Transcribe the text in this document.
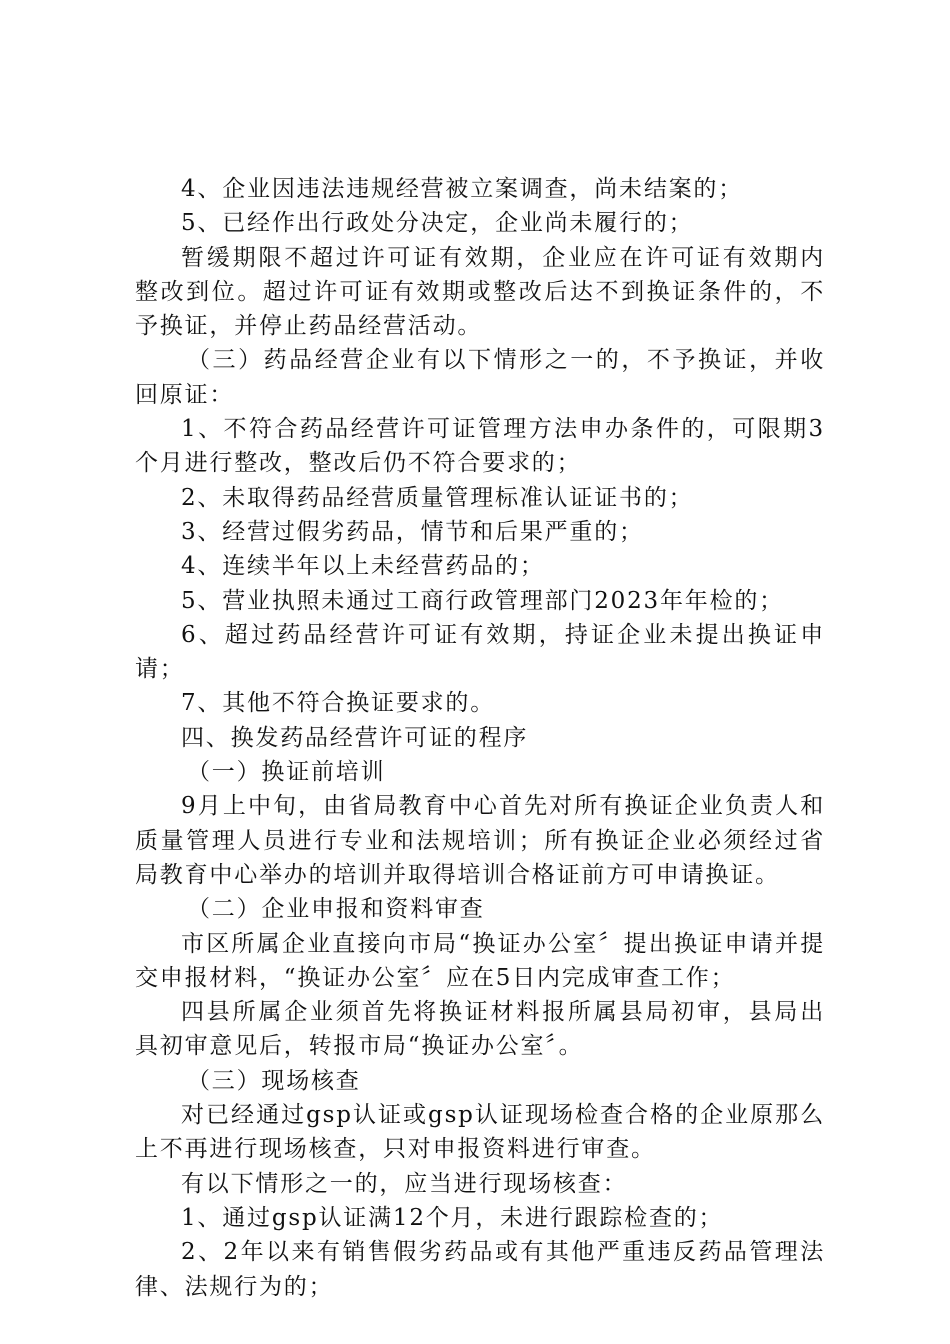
4、企业因违法违规经营被立案调查，尚未结案的；

5、已经作出行政处分决定，企业尚未履行的；

暂缓期限不超过许可证有效期，企业应在许可证有效期内整改到位。超过许可证有效期或整改后达不到换证条件的，不予换证，并停止药品经营活动。

（三）药品经营企业有以下情形之一的，不予换证，并收回原证：

1、不符合药品经营许可证管理方法申办条件的，可限期3个月进行整改，整改后仍不符合要求的；

2、未取得药品经营质量管理标准认证证书的；

3、经营过假劣药品，情节和后果严重的；

4、连续半年以上未经营药品的；

5、营业执照未通过工商行政管理部门2023年年检的；

6、超过药品经营许可证有效期，持证企业未提出换证申请；

7、其他不符合换证要求的。

四、换发药品经营许可证的程序

（一）换证前培训

9月上中旬，由省局教育中心首先对所有换证企业负责人和质量管理人员进行专业和法规培训；所有换证企业必须经过省局教育中心举办的培训并取得培训合格证前方可申请换证。

（二）企业申报和资料审查

市区所属企业直接向市局“换证办公室〞提出换证申请并提交申报材料，“换证办公室〞应在5日内完成审查工作；

四县所属企业须首先将换证材料报所属县局初审，县局出具初审意见后，转报市局“换证办公室〞。

（三）现场核查

对已经通过gsp认证或gsp认证现场检查合格的企业原那么上不再进行现场核查，只对申报资料进行审查。

有以下情形之一的，应当进行现场核查：

1、通过gsp认证满12个月，未进行跟踪检查的；

2、2年以来有销售假劣药品或有其他严重违反药品管理法律、法规行为的；
